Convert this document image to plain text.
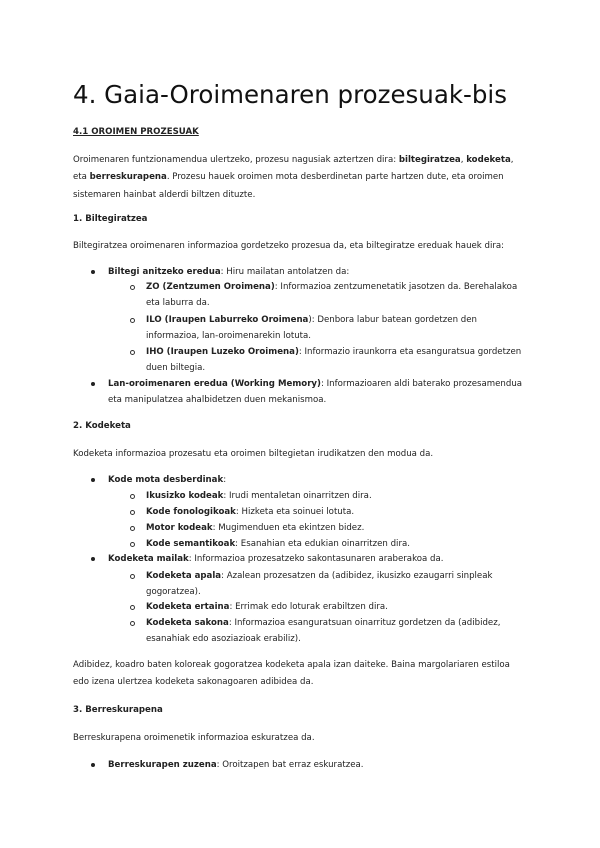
4. Gaia-Oroimenaren prozesuak-bis
4.1 OROIMEN PROZESUAK
Oroimenaren funtzionamendua ulertzeko, prozesu nagusiak aztertzen dira: biltegiratzea, kodeketa,
eta berreskurapena. Prozesu hauek oroimen mota desberdinetan parte hartzen dute, eta oroimen
sistemaren hainbat alderdi biltzen dituzte.
1. Biltegiratzea
Biltegiratzea oroimenaren informazioa gordetzeko prozesua da, eta biltegiratze ereduak hauek dira:
Biltegi anitzeko eredua: Hiru mailatan antolatzen da:
ZO (Zentzumen Oroimena): Informazioa zentzumenetatik jasotzen da. Berehalakoa
eta laburra da.
ILO (Iraupen Laburreko Oroimena): Denbora labur batean gordetzen den
informazioa, lan-oroimenarekin lotuta.
IHO (Iraupen Luzeko Oroimena): Informazio iraunkorra eta esanguratsua gordetzen
duen biltegia.
Lan-oroimenaren eredua (Working Memory): Informazioaren aldi baterako prozesamendua
eta manipulatzea ahalbidetzen duen mekanismoa.
2. Kodeketa
Kodeketa informazioa prozesatu eta oroimen biltegietan irudikatzen den modua da.
Kode mota desberdinak:
Ikusizko kodeak: Irudi mentaletan oinarritzen dira.
Kode fonologikoak: Hizketa eta soinuei lotuta.
Motor kodeak: Mugimenduen eta ekintzen bidez.
Kode semantikoak: Esanahian eta edukian oinarritzen dira.
Kodeketa mailak: Informazioa prozesatzeko sakontasunaren araberakoa da.
Kodeketa apala: Azalean prozesatzen da (adibidez, ikusizko ezaugarri sinpleak
gogoratzea).
Kodeketa ertaina: Errimak edo loturak erabiltzen dira.
Kodeketa sakona: Informazioa esanguratsuan oinarrituz gordetzen da (adibidez,
esanahiak edo asoziazioak erabiliz).
Adibidez, koadro baten koloreak gogoratzea kodeketa apala izan daiteke. Baina margolariaren estiloa
edo izena ulertzea kodeketa sakonagoaren adibidea da.
3. Berreskurapena
Berreskurapena oroimenetik informazioa eskuratzea da.
Berreskurapen zuzena: Oroitzapen bat erraz eskuratzea.
